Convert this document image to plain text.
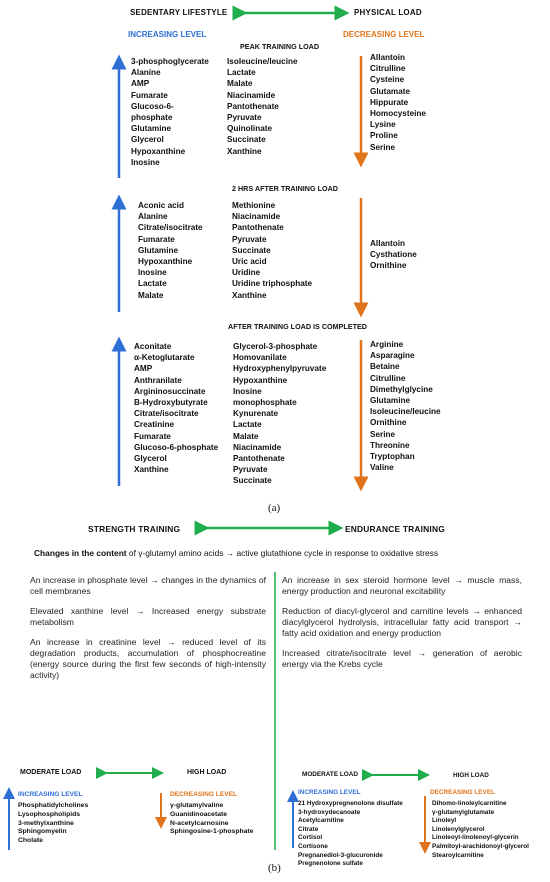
SEDENTARY LIFESTYLE	PHYSICAL LOAD
INCREASING LEVEL	DECREASING LEVEL
PEAK TRAINING LOAD
3-phosphoglycerate
Alanine
AMP
Fumarate
Glucoso-6-
phosphate
Glutamine
Glycerol
Hypoxanthine
Inosine
Isoleucine/leucine
Lactate
Malate
Niacinamide
Pantothenate
Pyruvate
Quinolinate
Succinate
Xanthine
Allantoin
Citrulline
Cysteine
Glutamate
Hippurate
Homocysteine
Lysine
Proline
Serine
2 HRS AFTER TRAINING LOAD
Aconic acid
Alanine
Citrate/isocitrate
Fumarate
Glutamine
Hypoxanthine
Inosine
Lactate
Malate
Methionine
Niacinamide
Pantothenate
Pyruvate
Succinate
Uric acid
Uridine
Uridine triphosphate
Xanthine
Allantoin
Cysthatione
Ornithine
AFTER TRAINING LOAD IS COMPLETED
Aconitate
α-Ketoglutarate
AMP
Anthranilate
Argininosuccinate
B-Hydroxybutyrate
Citrate/isocitrate
Creatinine
Fumarate
Glucoso-6-phosphate
Glycerol
Xanthine
Glycerol-3-phosphate
Homovanilate
Hydroxyphenylpyruvate
Hypoxanthine
Inosine
monophosphate
Kynurenate
Lactate
Malate
Niacinamide
Pantothenate
Pyruvate
Succinate
Arginine
Asparagine
Betaine
Citrulline
Dimethylglycine
Glutamine
Isoleucine/leucine
Ornithine
Serine
Threonine
Tryptophan
Valine
(a)
STRENGTH TRAINING	ENDURANCE TRAINING
Changes in the content of γ-glutamyl amino acids → active glutathione cycle in response to oxidative stress

An increase in phosphate level → changes in the dynamics of cell membranes

Elevated xanthine level → Increased energy substrate metabolism

An increase in creatinine level → reduced level of its degradation products, accumulation of phosphocreatine (energy source during the first few seconds of high-intensity activity)

An increase in sex steroid hormone level → muscle mass, energy production and neuronal excitability

Reduction of diacyl-glycerol and carnitine levels → enhanced diacylglycerol hydrolysis, intracellular fatty acid transport → fatty acid oxidation and energy production

Increased citrate/isocitrate level → generation of aerobic energy via the Krebs cycle

MODERATE LOAD	HIGH LOAD
INCREASING LEVEL	DECREASING LEVEL
Phosphatidylcholines
Lysophospholipids
3-methylxanthine
Sphingomyelin
Cholate
γ-glutamylvaline
Guanidinoacetate
N-acetylcarnosine
Sphingosine-1-phosphate
MODERATE LOAD	HIGH LOAD
INCREASING LEVEL	DECREASING LEVEL
21 Hydroxypregnenolone disulfate
3-hydroxydecanoate
Acetylcarnitine
Citrate
Cortisol
Cortisone
Pregnanediol-3-glucuronide
Pregnenolone sulfate
Dihomo-linoleylcarnitine
γ-glutamylglutamate
Linoleyl
Linolenylglycerol
Linoleoyl-linolenoyl-glycerin
Palmitoyl-arachidonoyl-glycerol
Stearoylcarnitine
(b)
